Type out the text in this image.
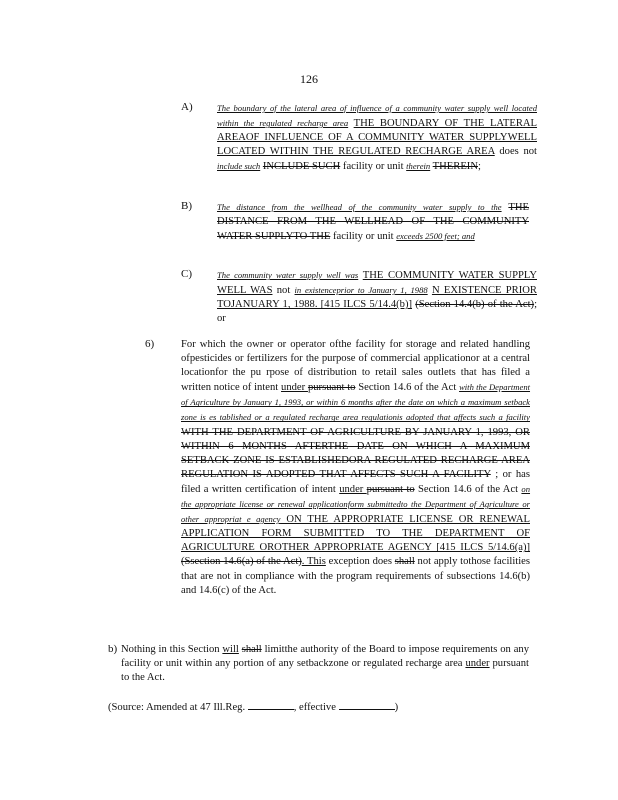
126
A)	The boundary of the lateral area of influence of a community water supply well located within the regulated recharge area THE BOUNDARY OF THE LATERAL AREAOF INFLUENCE OF A COMMUNITY WATER SUPPLYWELL LOCATED WITHIN THE REGULATED RECHARGE AREA does not include such INCLUDE SUCH facility or unit therein THEREIN;
B)	The distance from the wellhead of the community water supply to the THE DISTANCE FROM THE WELLHEAD OF THE COMMUNITY WATER SUPPLYTO THE facility or unit exceeds 2500 feet; and
C)	The community water supply well was THE COMMUNITY WATER SUPPLY WELL WAS not in existenceprior to January 1, 1988 N EXISTENCE PRIOR TOJANUARY 1, 1988. [415 ILCS 5/14.4(b)] (Section 14.4(b) of the Act); or
6)	For which the owner or operator ofthe facility for storage and related handling ofpesticides or fertilizers for the purpose of commercial applicationor at a central locationfor the pu rpose of distribution to retail sales outlets that has filed a written notice of intent under pursuant to Section 14.6 of the Act with the Department of Agriculture by January 1, 1993, or within 6 months after the date on which a maximum setback zone is es tablished or a regulated recharge area regulationis adopted that affects such a facility WITH THE DEPARTMENT OF AGRICULTURE BY JANUARY 1, 1993, OR WITHIN 6 MONTHS AFTERTHE DATE ON WHICH A MAXIMUM SETBACK ZONE IS ESTABLISHEDORA REGULATED RECHARGE AREA REGULATION IS ADOPTED THAT AFFECTS SUCH A FACILITY ; or has filed a written certification of intent under pursuant to Section 14.6 of the Act on the appropriate license or renewal applicationform submittedto the Department of Agriculture or other appropriat e agency ON THE APPROPRIATE LICENSE OR RENEWAL APPLICATION FORM SUBMITTED TO THE DEPARTMENT OF AGRICULTURE OROTHER APPROPRIATE AGENCY [415 ILCS 5/14.6(a)](Ssection 14.6(a) of the Act). This exception does shall not apply tothose facilities that are not in compliance with the program requirements of subsections 14.6(b) and 14.6(c) of the Act.
b) Nothing in this Section will shall limitthe authority of the Board to impose requirements on any facility or unit within any portion of any setbackzone or regulated recharge area under pursuant to the Act.
(Source: Amended at 47 Ill.Reg.	, effective	)
